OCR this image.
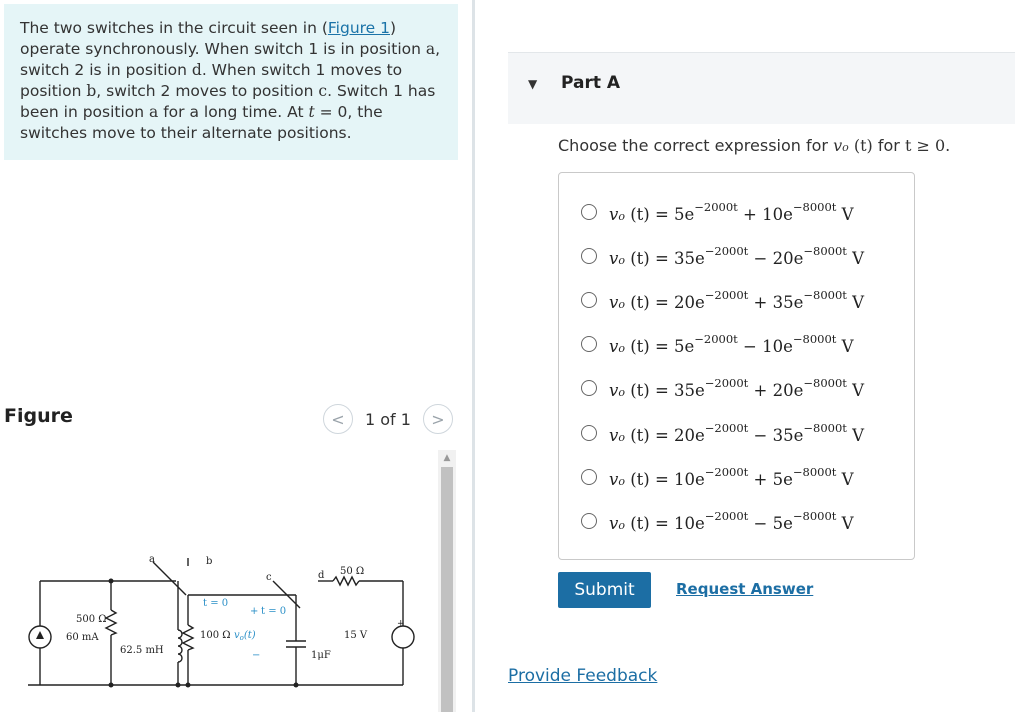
The two switches in the circuit seen in (Figure 1)
operate synchronously. When switch 1 is in position a,
switch 2 is in position d. When switch 1 moves to
position b, switch 2 moves to position c. Switch 1 has
been in position a for a long time. At t = 0, the
switches move to their alternate positions.
Figure	< 1 of 1 >
▲
500 Ω
60 mA
62.5 mH
100 Ω
a	b
c	d 50 Ω
15 V
1μF
+
t = 0
t = 0
+
−
$v_o(t)$
▼ Part A
Choose the correct expression for vo (t) for t ≥ 0.
vo $(t) = 5e^{-2000t} + 10e^{-8000t}$ V
vo $(t) = 35e^{-2000t} - 20e^{-8000t}$ V
vo $(t) = 20e^{-2000t} + 35e^{-8000t}$ V
vo $(t) = 5e^{-2000t} - 10e^{-8000t}$ V
vo $(t) = 35e^{-2000t} + 20e^{-8000t}$ V
vo $(t) = 20e^{-2000t} - 35e^{-8000t}$ V
vo $(t) = 10e^{-2000t} + 5e^{-8000t}$ V
vo $(t) = 10e^{-2000t} - 5e^{-8000t}$ V
Submit	Request Answer
Provide Feedback
